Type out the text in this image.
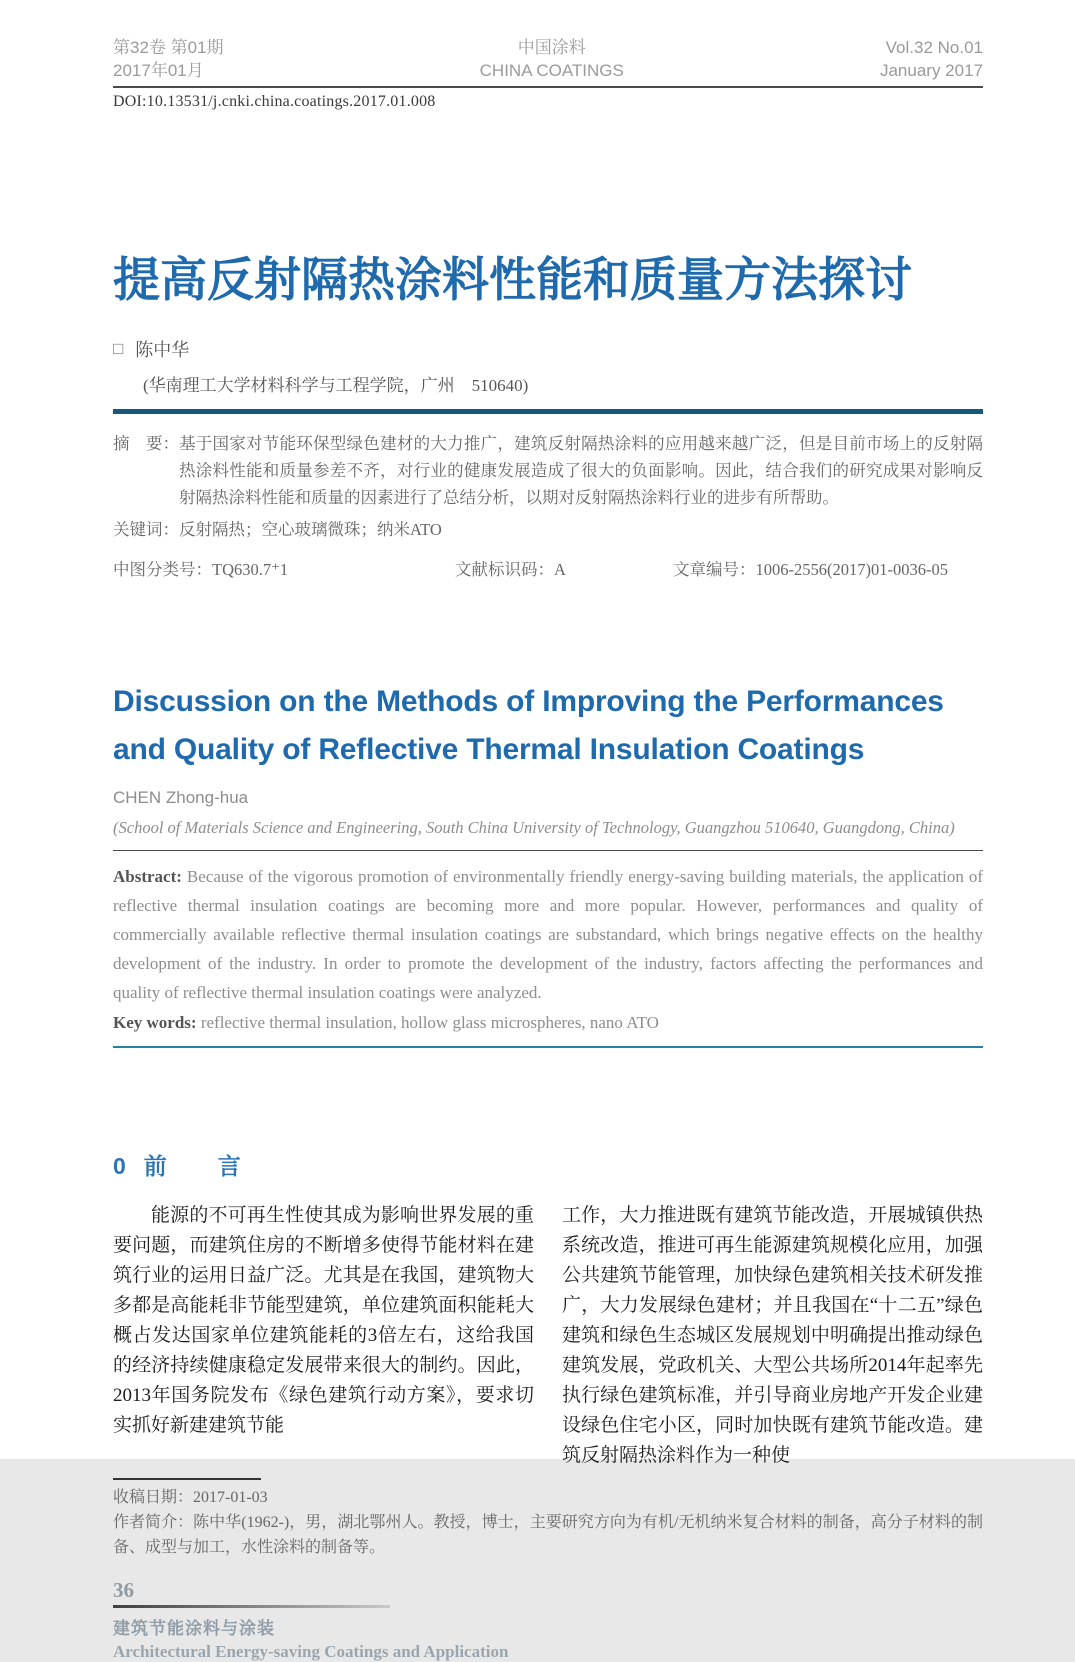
第32卷 第01期
2017年01月
中国涂料
CHINA COATINGS
Vol.32 No.01
January 2017
DOI:10.13531/j.cnki.china.coatings.2017.01.008
提高反射隔热涂料性能和质量方法探讨
□ 陈中华
(华南理工大学材料科学与工程学院，广州　510640)
摘　要： 基于国家对节能环保型绿色建材的大力推广，建筑反射隔热涂料的应用越来越广泛，但是目前市场上的反射隔热涂料性能和质量参差不齐，对行业的健康发展造成了很大的负面影响。因此，结合我们的研究成果对影响反射隔热涂料性能和质量的因素进行了总结分析，以期对反射隔热涂料行业的进步有所帮助。
关键词： 反射隔热；空心玻璃微珠；纳米ATO
中图分类号：TQ630.7⁺1	文献标识码：A	文章编号：1006-2556(2017)01-0036-05
Discussion on the Methods of Improving the Performances and Quality of Reflective Thermal Insulation Coatings
CHEN Zhong-hua
(School of Materials Science and Engineering, South China University of Technology, Guangzhou 510640, Guangdong, China)
Abstract: Because of the vigorous promotion of environmentally friendly energy-saving building materials, the application of reflective thermal insulation coatings are becoming more and more popular. However, performances and quality of commercially available reflective thermal insulation coatings are substandard, which brings negative effects on the healthy development of the industry. In order to promote the development of the industry, factors affecting the performances and quality of reflective thermal insulation coatings were analyzed.
Key words: reflective thermal insulation, hollow glass microspheres, nano ATO
0 前　言

能源的不可再生性使其成为影响世界发展的重要问题，而建筑住房的不断增多使得节能材料在建筑行业的运用日益广泛。尤其是在我国，建筑物大多都是高能耗非节能型建筑，单位建筑面积能耗大概占发达国家单位建筑能耗的3倍左右，这给我国的经济持续健康稳定发展带来很大的制约。因此，2013年国务院发布《绿色建筑行动方案》，要求切实抓好新建建筑节能

工作，大力推进既有建筑节能改造，开展城镇供热系统改造，推进可再生能源建筑规模化应用，加强公共建筑节能管理，加快绿色建筑相关技术研发推广，大力发展绿色建材；并且我国在“十二五”绿色建筑和绿色生态城区发展规划中明确提出推动绿色建筑发展，党政机关、大型公共场所2014年起率先执行绿色建筑标准，并引导商业房地产开发企业建设绿色住宅小区，同时加快既有建筑节能改造。建筑反射隔热涂料作为一种使

收稿日期：2017-01-03
作者简介：陈中华(1962-)，男，湖北鄂州人。教授，博士，主要研究方向为有机/无机纳米复合材料的制备，高分子材料的制备、成型与加工，水性涂料的制备等。
36
建筑节能涂料与涂装
Architectural Energy-saving Coatings and Application
